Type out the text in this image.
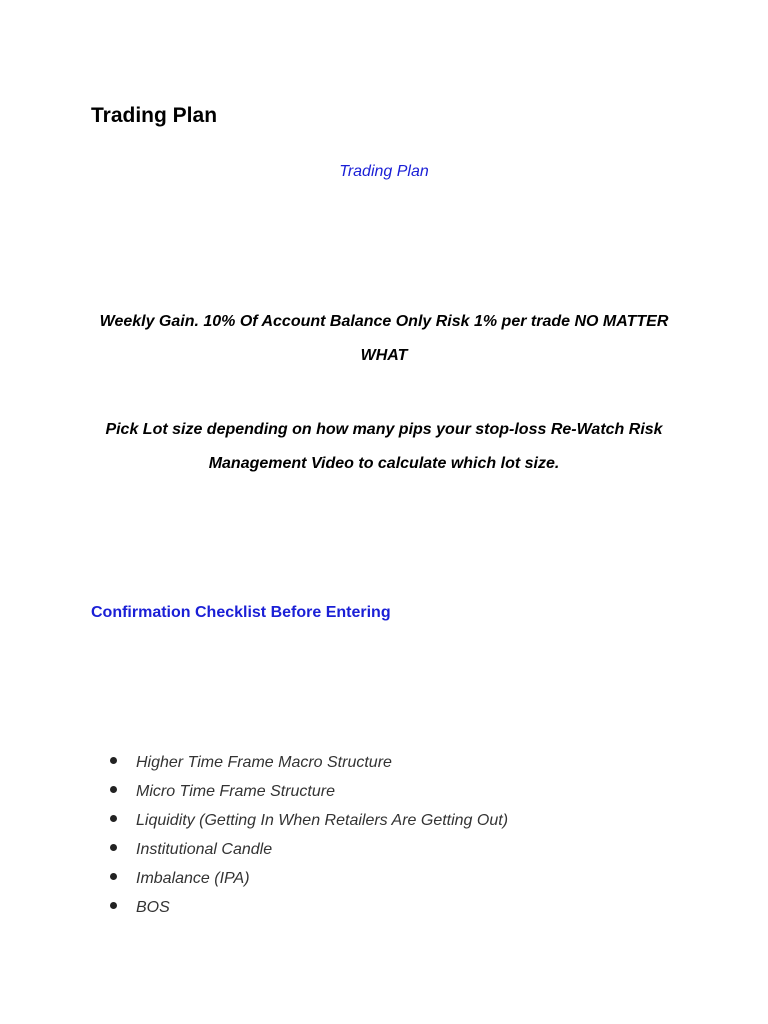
Trading Plan
Trading Plan

Weekly Gain. 10% Of Account Balance Only Risk 1% per trade NO MATTER WHAT

Pick Lot size depending on how many pips your stop-loss Re-Watch Risk Management Video to calculate which lot size.

Confirmation Checklist Before Entering
Higher Time Frame Macro Structure
Micro Time Frame Structure
Liquidity (Getting In When Retailers Are Getting Out)
Institutional Candle
Imbalance (IPA)
BOS
